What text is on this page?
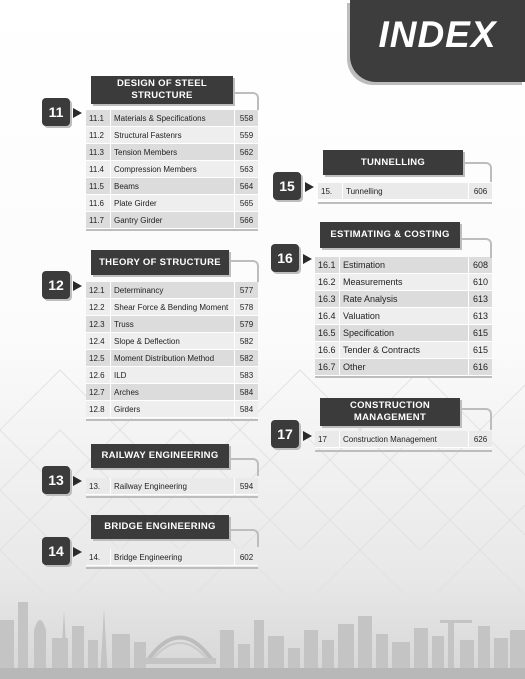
INDEX
DESIGN OF STEEL
STRUCTURE
11	11.1	Materials & Specifications	558
11.2	Structural Fastenrs	559
11.3	Tension Members	562
11.4	Compression Members	563
11.5	Beams	564
11.6	Plate Girder	565
11.7	Gantry Girder	566
THEORY OF STRUCTURE
12	12.1	Determinancy	577
12.2	Shear Force & Bending Moment	578
12.3	Truss	579
12.4	Slope & Deflection	582
12.5	Moment Distribution Method	582
12.6	ILD	583
12.7	Arches	584
12.8	Girders	584
RAILWAY ENGINEERING
13	13.	Railway Engineering	594
BRIDGE ENGINEERING
14	14.	Bridge Engineering	602
TUNNELLING
15	15.	Tunnelling	606
ESTIMATING & COSTING
16	16.1 Estimation	608
16.2 Measurements	610
16.3 Rate Analysis	613
16.4 Valuation	613
16.5 Specification	615
16.6 Tender & Contracts	615
16.7 Other	616
CONSTRUCTION
MANAGEMENT
17	17	Construction Management	626
